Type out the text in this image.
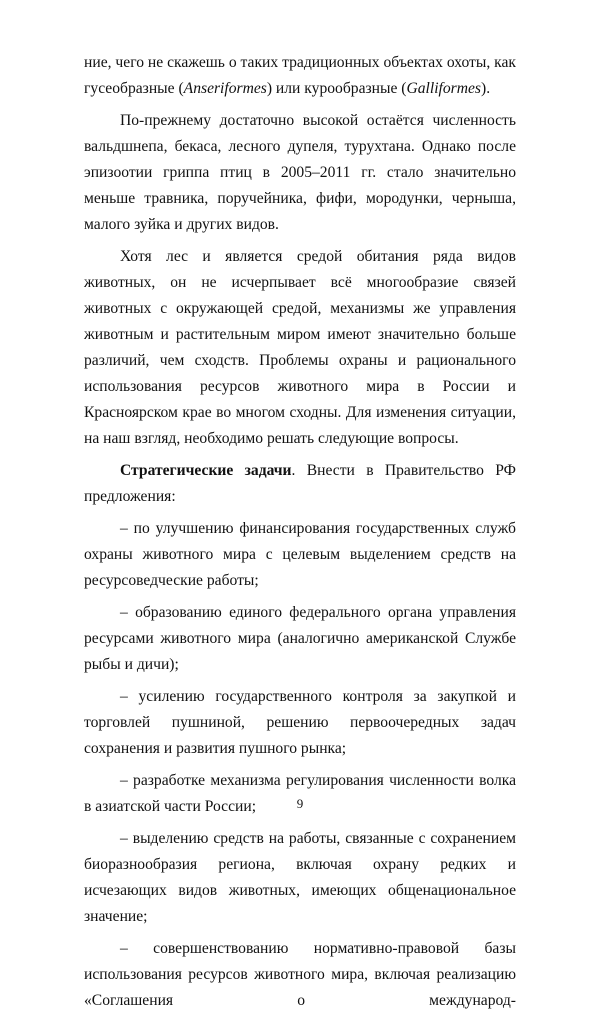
ние, чего не скажешь о таких традиционных объектах охоты, как гусеобразные (Anseriformes) или курообразные (Galliformes).

По-прежнему достаточно высокой остаётся численность вальдшнепа, бекаса, лесного дупеля, турухтана. Однако после эпизоотии гриппа птиц в 2005–2011 гг. стало значительно меньше травника, поручейника, фифи, мородунки, черныша, малого зуйка и других видов.

Хотя лес и является средой обитания ряда видов животных, он не исчерпывает всё многообразие связей животных с окружающей средой, механизмы же управления животным и растительным миром имеют значительно больше различий, чем сходств. Проблемы охраны и рационального использования ресурсов животного мира в России и Красноярском крае во многом сходны. Для изменения ситуации, на наш взгляд, необходимо решать следующие вопросы.

Стратегические задачи. Внести в Правительство РФ предложения:

– по улучшению финансирования государственных служб охраны животного мира с целевым выделением средств на ресурсоведческие работы;

– образованию единого федерального органа управления ресурсами животного мира (аналогично американской Службе рыбы и дичи);

– усилению государственного контроля за закупкой и торговлей пушниной, решению первоочередных задач сохранения и развития пушного рынка;

– разработке механизма регулирования численности волка в азиатской части России;

– выделению средств на работы, связанные с сохранением биоразнообразия региона, включая охрану редких и исчезающих видов животных, имеющих общенациональное значение;

– совершенствованию нормативно-правовой базы использования ресурсов животного мира, включая реализацию «Соглашения о международ-

9
